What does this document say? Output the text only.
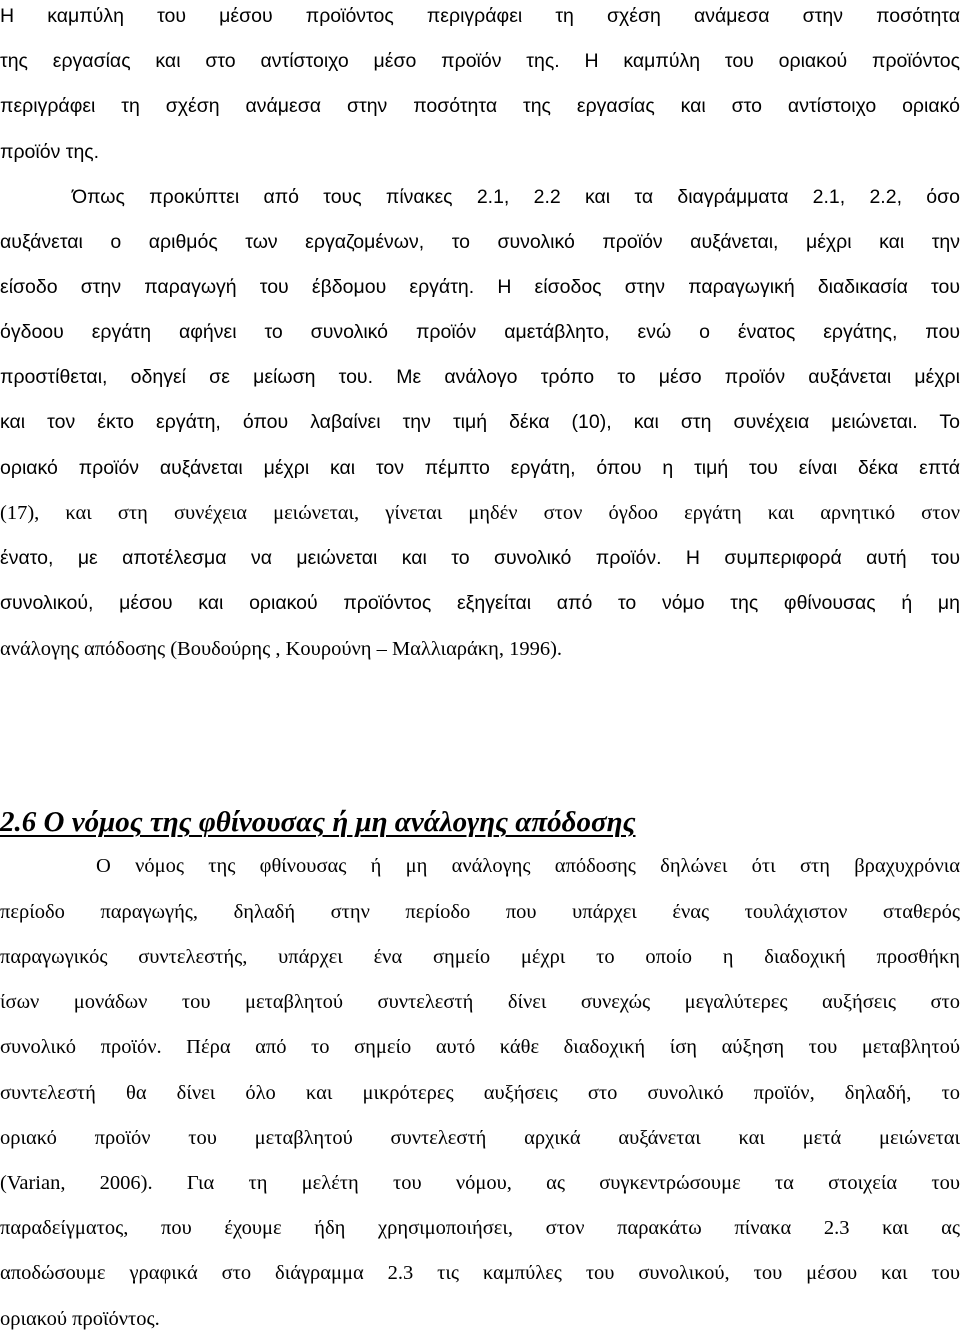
Η καμπύλη του μέσου προϊόντος περιγράφει τη σχέση ανάμεσα στην ποσότητα
της εργασίας και στο αντίστοιχο μέσο προϊόν της. Η καμπύλη του οριακού προϊόντος
περιγράφει τη σχέση ανάμεσα στην ποσότητα της εργασίας και στο αντίστοιχο οριακό
προϊόν της.
Όπως προκύπτει από τους πίνακες 2.1, 2.2 και τα διαγράμματα 2.1, 2.2, όσο
αυξάνεται ο αριθμός των εργαζομένων, το συνολικό προϊόν αυξάνεται, μέχρι και την
είσοδο στην παραγωγή του έβδομου εργάτη. Η είσοδος στην παραγωγική διαδικασία του
όγδοου εργάτη αφήνει το συνολικό προϊόν αμετάβλητο, ενώ ο ένατος εργάτης, που
προστίθεται, οδηγεί σε μείωση του. Με ανάλογο τρόπο το μέσο προϊόν αυξάνεται μέχρι
και τον έκτο εργάτη, όπου λαβαίνει την τιμή δέκα (10), και στη συνέχεια μειώνεται. Το
οριακό προϊόν αυξάνεται μέχρι και τον πέμπτο εργάτη, όπου η τιμή του είναι δέκα επτά
(17), και στη συνέχεια μειώνεται, γίνεται μηδέν στον όγδοο εργάτη και αρνητικό στον
ένατο, με αποτέλεσμα να μειώνεται και το συνολικό προϊόν. Η συμπεριφορά αυτή του
συνολικού, μέσου και οριακού προϊόντος εξηγείται από το νόμο της φθίνουσας ή μη
ανάλογης απόδοσης (Βουδούρης , Κουρούνη – Μαλλιαράκη, 1996).
2.6 Ο νόμος της φθίνουσας ή μη ανάλογης απόδοσης
Ο νόμος της φθίνουσας ή μη ανάλογης απόδοσης δηλώνει ότι στη βραχυχρόνια
περίοδο παραγωγής, δηλαδή στην περίοδο που υπάρχει ένας τουλάχιστον σταθερός
παραγωγικός συντελεστής, υπάρχει ένα σημείο μέχρι το οποίο η διαδοχική προσθήκη
ίσων μονάδων του μεταβλητού συντελεστή δίνει συνεχώς μεγαλύτερες αυξήσεις στο
συνολικό προϊόν. Πέρα από το σημείο αυτό κάθε διαδοχική ίση αύξηση του μεταβλητού
συντελεστή θα δίνει όλο και μικρότερες αυξήσεις στο συνολικό προϊόν, δηλαδή, το
οριακό προϊόν του μεταβλητού συντελεστή αρχικά αυξάνεται και μετά μειώνεται
(Varian, 2006). Για τη μελέτη του νόμου, ας συγκεντρώσουμε τα στοιχεία του
παραδείγματος, που έχουμε ήδη χρησιμοποιήσει, στον παρακάτω πίνακα 2.3 και ας
αποδώσουμε γραφικά στο διάγραμμα 2.3 τις καμπύλες του συνολικού, του μέσου και του
οριακού προϊόντος.
